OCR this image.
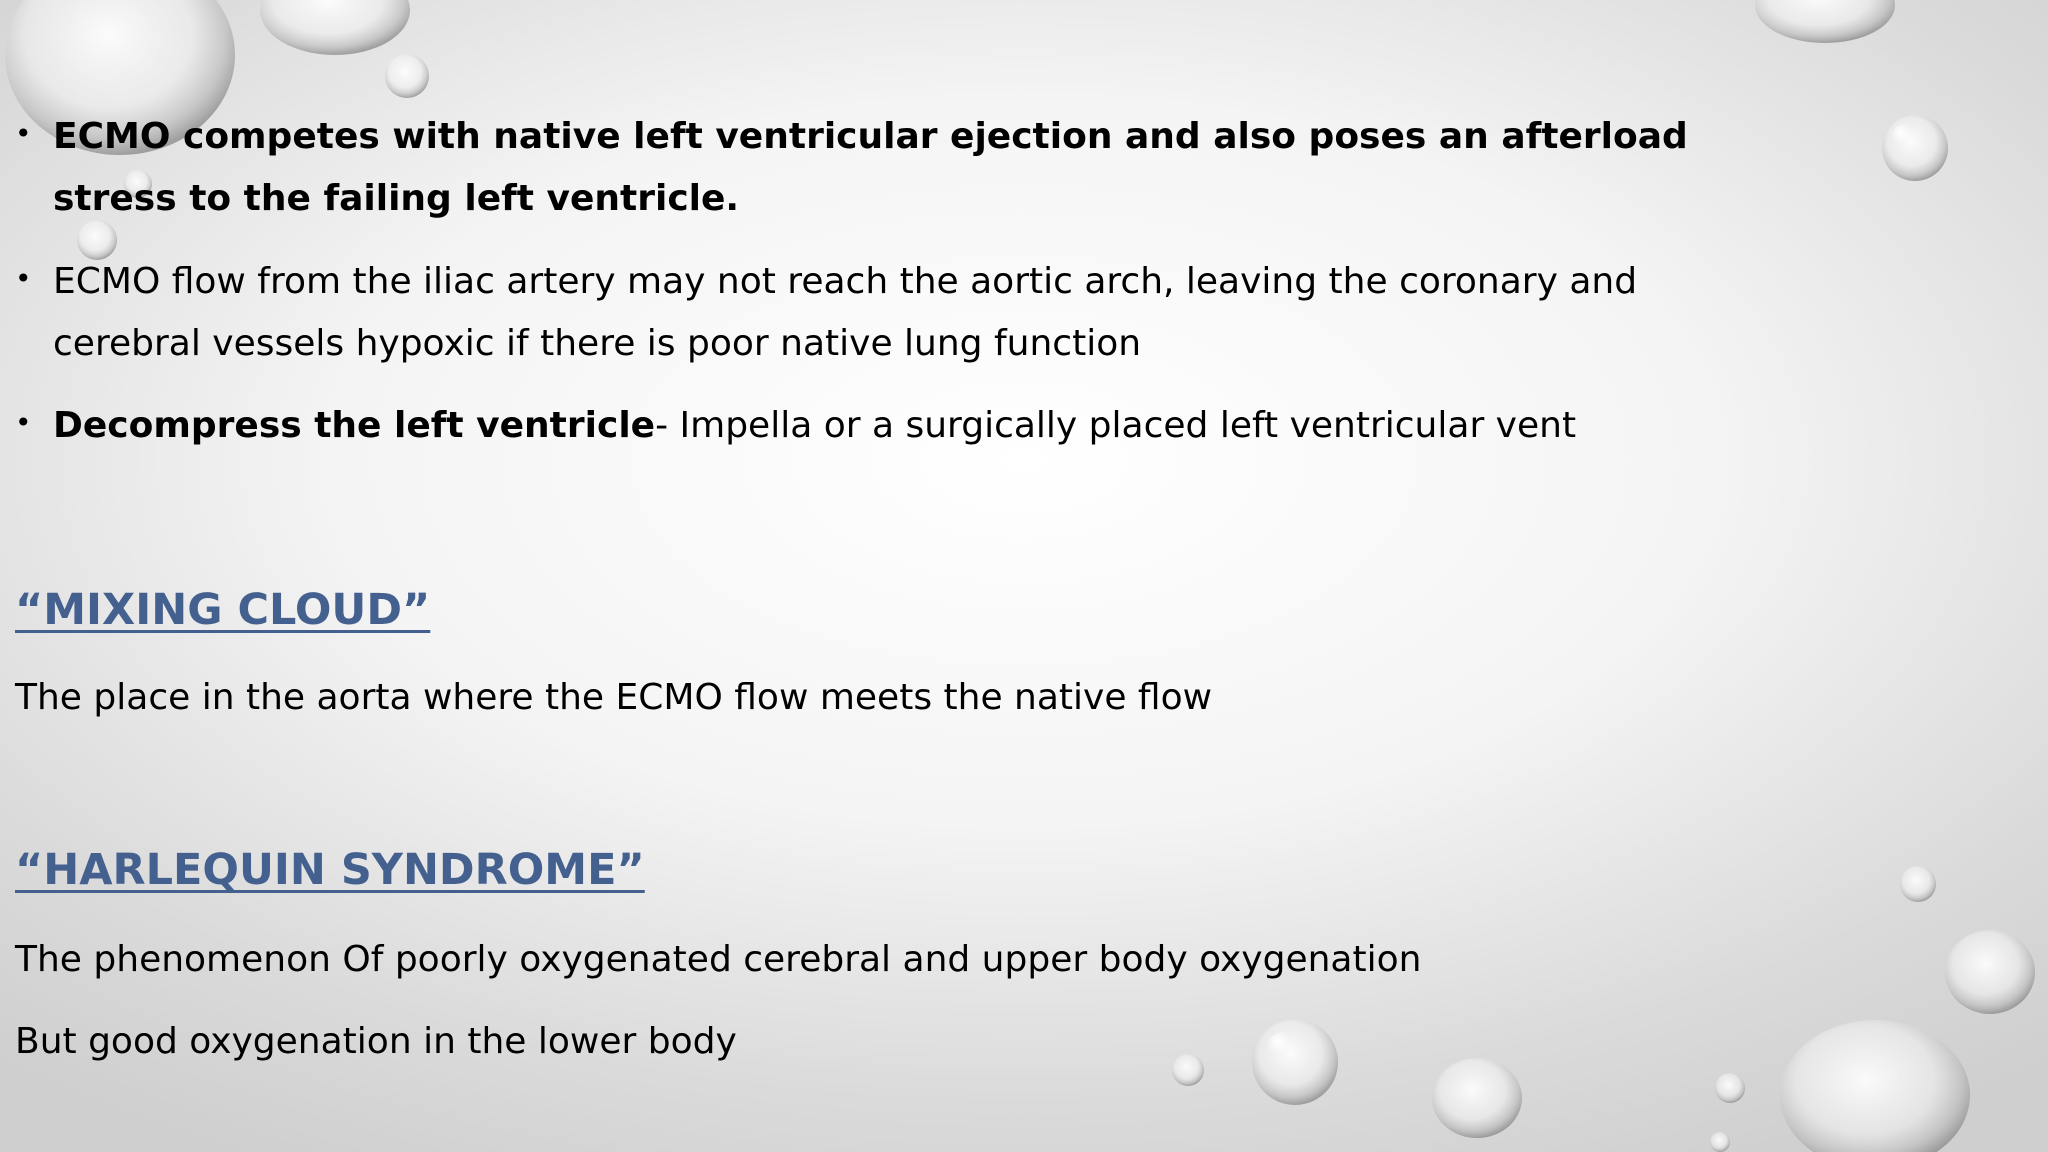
• ECMO competes with native left ventricular ejection and also poses an afterload stress to the failing left ventricle.
• ECMO flow from the iliac artery may not reach the aortic arch, leaving the coronary and cerebral vessels hypoxic if there is poor native lung function
• Decompress the left ventricle- Impella or a surgically placed left ventricular vent
“MIXING CLOUD”

The place in the aorta where the ECMO flow meets the native flow

“HARLEQUIN SYNDROME”

The phenomenon Of poorly oxygenated cerebral and upper body oxygenation

But good oxygenation in the lower body
